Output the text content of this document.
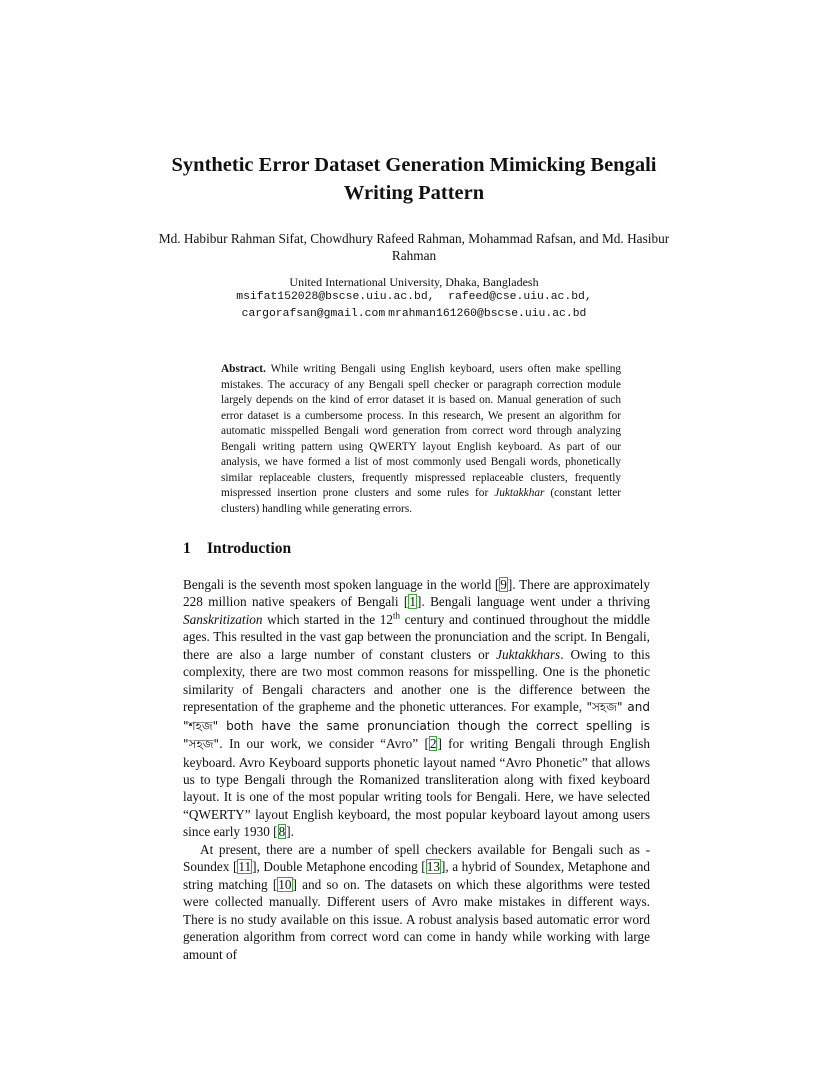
Synthetic Error Dataset Generation Mimicking Bengali Writing Pattern
Md. Habibur Rahman Sifat, Chowdhury Rafeed Rahman, Mohammad Rafsan, and Md. Hasibur Rahman
United International University, Dhaka, Bangladesh
msifat152028@bscse.uiu.ac.bd,  rafeed@cse.uiu.ac.bd,
cargorafsan@gmail.com mrahman161260@bscse.uiu.ac.bd
Abstract. While writing Bengali using English keyboard, users often make spelling mistakes. The accuracy of any Bengali spell checker or paragraph correction module largely depends on the kind of error dataset it is based on. Manual generation of such error dataset is a cumbersome process. In this research, We present an algorithm for automatic misspelled Bengali word generation from correct word through analyzing Bengali writing pattern using QWERTY layout English keyboard. As part of our analysis, we have formed a list of most commonly used Bengali words, phonetically similar replaceable clusters, frequently mispressed replaceable clusters, frequently mispressed insertion prone clusters and some rules for Juktakkhar (constant letter clusters) handling while generating errors.
1 Introduction

Bengali is the seventh most spoken language in the world [9]. There are approximately 228 million native speakers of Bengali [1]. Bengali language went under a thriving Sanskritization which started in the 12th century and continued throughout the middle ages. This resulted in the vast gap between the pronunciation and the script. In Bengali, there are also a large number of constant clusters or Juktakkhars. Owing to this complexity, there are two most common reasons for misspelling. One is the phonetic similarity of Bengali characters and another one is the difference between the representation of the grapheme and the phonetic utterances. For example, "সহজ" and "শহজ" both have the same pronunciation though the correct spelling is "সহজ". In our work, we consider “Avro” [2] for writing Bengali through English keyboard. Avro Keyboard supports phonetic layout named “Avro Phonetic” that allows us to type Bengali through the Romanized transliteration along with fixed keyboard layout. It is one of the most popular writing tools for Bengali. Here, we have selected “QWERTY” layout English keyboard, the most popular keyboard layout among users since early 1930 [8].

At present, there are a number of spell checkers available for Bengali such as - Soundex [11], Double Metaphone encoding [13], a hybrid of Soundex, Metaphone and string matching [10] and so on. The datasets on which these algorithms were tested were collected manually. Different users of Avro make mistakes in different ways. There is no study available on this issue. A robust analysis based automatic error word generation algorithm from correct word can come in handy while working with large amount of
